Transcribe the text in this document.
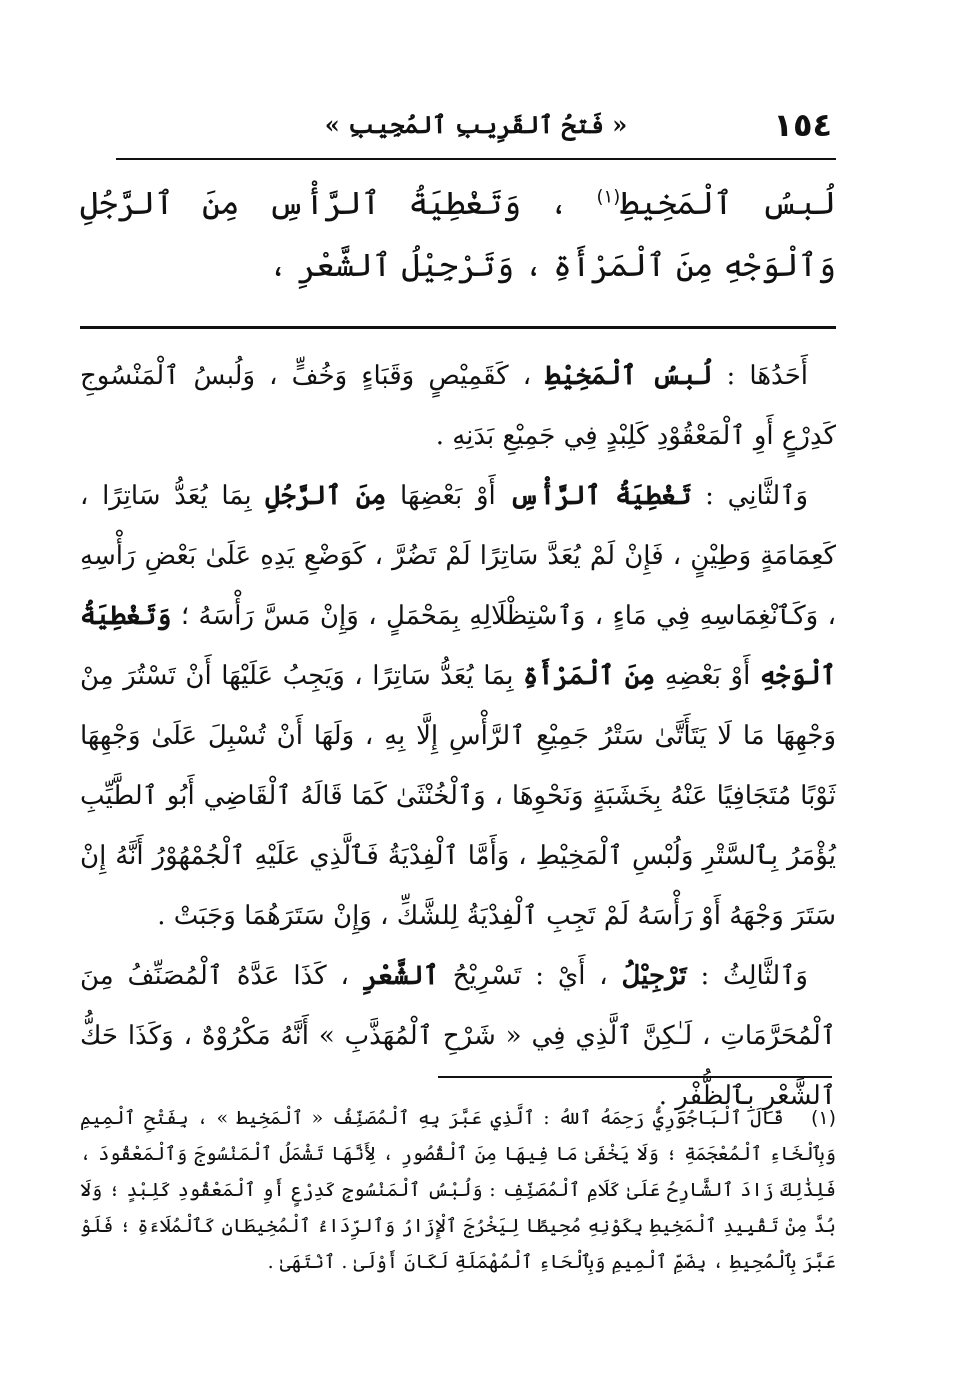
١٥٤
« فَتحُ ٱلقَرِيبِ ٱلمُجِيبِ »
لُبسُ ٱلْمَخِيطِ$^{(١)}$ ، وَتَغْطِيَةُ ٱلرَّأْسِ مِنَ ٱلرَّجُلِ وَٱلْوَجْهِ مِنَ ٱلْمَرْأَةِ ، وَتَرْجِيْلُ ٱلشَّعْرِ ،

أَحَدُهَا : لُبسُ ٱلْمَخِيْطِ ، كَقَمِيْصٍ وَقَبَاءٍ وَخُفٍّ ، وَلُبسُ ٱلْمَنْسُوجِ كَدِرْعٍ أَوِ ٱلْمَعْقُوْدِ كَلِبْدٍ فِي جَمِيْعِ بَدَنِهِ .

وَٱلثَّانِي : تَغْطِيَةُ ٱلرَّأْسِ أَوْ بَعْضِهَا مِنَ ٱلرَّجُلِ بِمَا يُعَدُّ سَاتِرًا ، كَعِمَامَةٍ وَطِيْنٍ ، فَإِنْ لَمْ يُعَدَّ سَاتِرًا لَمْ تَضُرَّ ، كَوَضْعِ يَدِهِ عَلَىٰ بَعْضِ رَأْسِهِ ، وَكَٱنْغِمَاسِهِ فِي مَاءٍ ، وَٱسْتِظْلَالِهِ بِمَحْمَلٍ ، وَإِنْ مَسَّ رَأْسَهُ ؛ وَتَغْطِيَةُ ٱلْوَجْهِ أَوْ بَعْضِهِ مِنَ ٱلْمَرْأَةِ بِمَا يُعَدُّ سَاتِرًا ، وَيَجِبُ عَلَيْهَا أَنْ تَسْتُرَ مِنْ وَجْهِهَا مَا لَا يَتَأَتَّىٰ سَتْرُ جَمِيْعِ ٱلرَّأْسِ إِلَّا بِهِ ، وَلَهَا أَنْ تُسْبِلَ عَلَىٰ وَجْهِهَا ثَوْبًا مُتَجَافِيًا عَنْهُ بِخَشَبَةٍ وَنَحْوِهَا ، وَٱلْخُنْثَىٰ كَمَا قَالَهُ ٱلْقَاضِي أَبُو ٱلطَّيِّبِ يُؤْمَرُ بِٱلسَّتْرِ وَلُبْسِ ٱلْمَخِيْطِ ، وَأَمَّا ٱلْفِدْيَةُ فَٱلَّذِي عَلَيْهِ ٱلْجُمْهُوْرُ أَنَّهُ إِنْ سَتَرَ وَجْهَهُ أَوْ رَأْسَهُ لَمْ تَجِبِ ٱلْفِدْيَةُ لِلشَّكِّ ، وَإِنْ سَتَرَهُمَا وَجَبَتْ .

وَٱلثَّالِثُ : تَرْجِيْلُ ، أَيْ : تَسْرِيْحُ ٱلشَّعْرِ ، كَذَا عَدَّهُ ٱلْمُصَنِّفُ مِنَ ٱلْمُحَرَّمَاتِ ، لَـٰكِنَّ ٱلَّذِي فِي « شَرْحِ ٱلْمُهَذَّبِ » أَنَّهُ مَكْرُوْهٌ ، وَكَذَا حَكُّ ٱلشَّعْرِ بِٱلظُّفْرِ .

(١) قَالَ ٱلْبَاجُورِيُّ رَحِمَهُ ٱللهُ : ٱلَّذِي عَبَّرَ بِهِ ٱلْمُصَنِّفُ « ٱلْمَخِيط » ، بِفَتْحِ ٱلْمِيمِ وَبِٱلْخَاءِ ٱلْمُعْجَمَةِ ؛ وَلَا يَخْفَىٰ مَا فِيهَا مِنَ ٱلْقُصُورِ ، لِأَنَّهَا تَشْمَلُ ٱلْمَنْسُوجَ وَٱلْمَعْقُودَ ، فَلِذَٰلِكَ زَادَ ٱلشَّارِحُ عَلَىٰ كَلَامِ ٱلْمُصَنِّفِ : وَلُبْسُ ٱلْمَنْسُوجِ كَدِرْعٍ أَوِ ٱلْمَعْقُودِ كَلِبْدٍ ؛ وَلَا بُدَّ مِنْ تَقْيِيدِ ٱلْمَخِيطِ بِكَوْنِهِ مُحِيطًا لِيَخْرُجَ ٱلْإِزَارُ وَٱلرِّدَاءُ ٱلْمُخِيطَانِ كَٱلْمُلَاءَةِ ؛ فَلَوْ عَبَّرَ بِٱلْمُحِيطِ ، بِضَمِّ ٱلْمِيمِ وَبِٱلْحَاءِ ٱلْمُهْمَلَةِ لَكَانَ أَوْلَىٰ . ٱنْتَهَىٰ .
